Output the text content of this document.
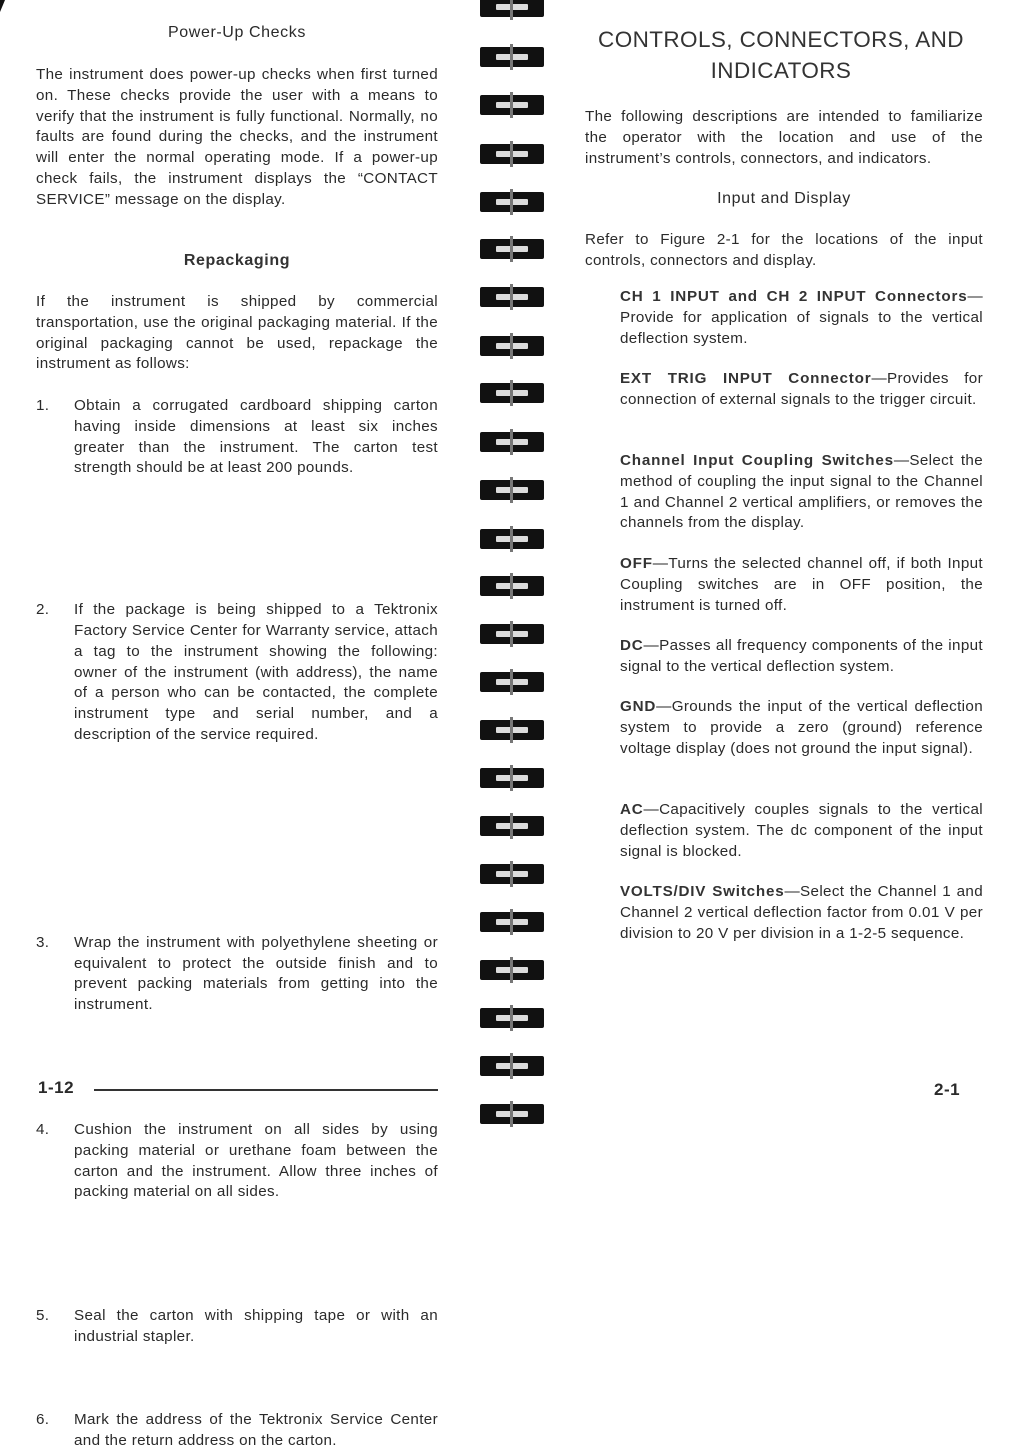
Power-Up Checks

The instrument does power-up checks when first turned on. These checks provide the user with a means to verify that the instrument is fully functional. Normally, no faults are found during the checks, and the instrument will enter the normal operating mode. If a power-up check fails, the instrument displays the “CONTACT SERVICE” message on the display.

Repackaging

If the instrument is shipped by commercial transportation, use the original packaging material. If the original packaging cannot be used, repackage the instrument as follows:

1. Obtain a corrugated cardboard shipping carton having inside dimensions at least six inches greater than the instrument. The carton test strength should be at least 200 pounds.
2. If the package is being shipped to a Tektronix Factory Service Center for Warranty service, attach a tag to the instrument showing the following: owner of the instrument (with address), the name of a person who can be contacted, the complete instrument type and serial number, and a description of the service required.
3. Wrap the instrument with polyethylene sheeting or equivalent to protect the outside finish and to prevent packing materials from getting into the instrument.
4. Cushion the instrument on all sides by using packing material or urethane foam between the carton and the instrument. Allow three inches of packing material on all sides.
5. Seal the carton with shipping tape or with an industrial stapler.
6. Mark the address of the Tektronix Service Center and the return address on the carton.
1-12
CONTROLS, CONNECTORS, AND
INDICATORS

The following descriptions are intended to familiarize the operator with the location and use of the instrument’s controls, connectors, and indicators.

Input and Display

Refer to Figure 2-1 for the locations of the input controls, connectors and display.

CH 1 INPUT and CH 2 INPUT Connectors—Provide for application of signals to the vertical deflection system.

EXT TRIG INPUT Connector—Provides for connection of external signals to the trigger circuit.

Channel Input Coupling Switches—Select the method of coupling the input signal to the Channel 1 and Channel 2 vertical amplifiers, or removes the channels from the display.

OFF—Turns the selected channel off, if both Input Coupling switches are in OFF position, the instrument is turned off.

DC—Passes all frequency components of the input signal to the vertical deflection system.

GND—Grounds the input of the vertical deflection system to provide a zero (ground) reference voltage display (does not ground the input signal).

AC—Capacitively couples signals to the vertical deflection system. The dc component of the input signal is blocked.

VOLTS/DIV Switches—Select the Channel 1 and Channel 2 vertical deflection factor from 0.01 V per division to 20 V per division in a 1-2-5 sequence.

2-1
